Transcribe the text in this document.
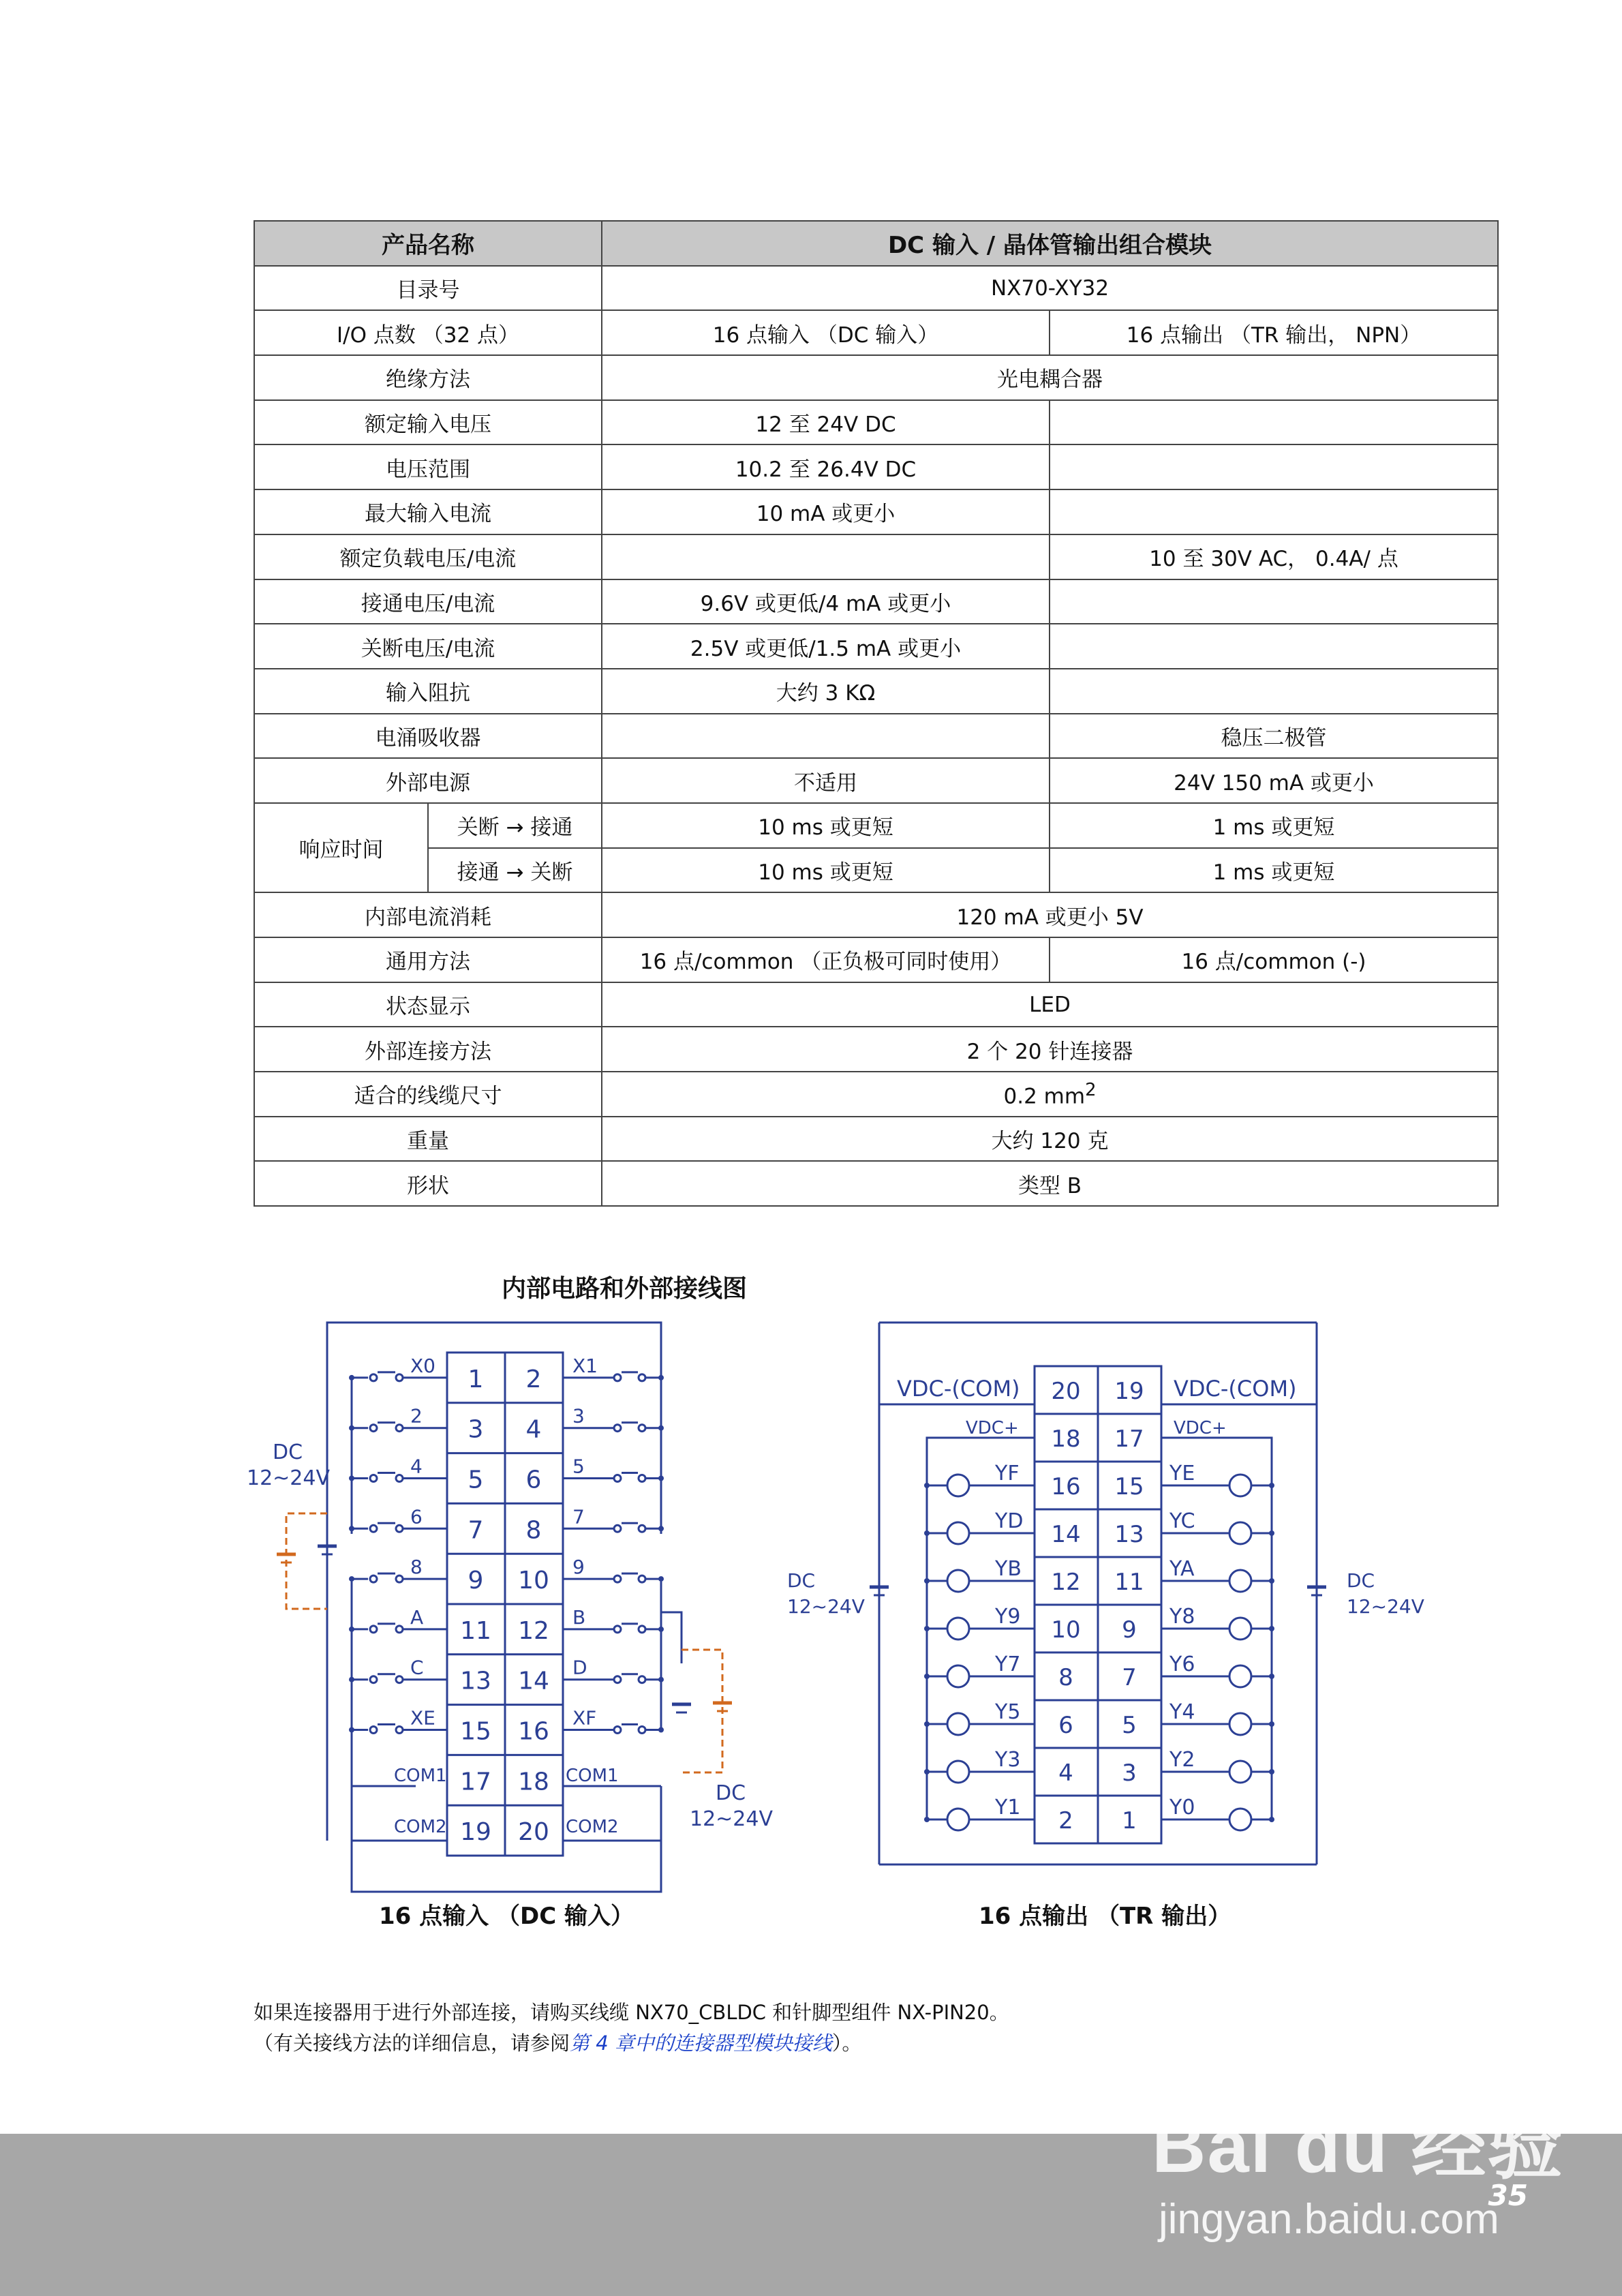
产品名称		DC 输入 / 晶体管输出组合模块	
目录号		NX70-XY32	
I/O 点数 （32 点）		16 点输入 （DC 输入）	16 点输出 （TR 输出， NPN）
绝缘方法		光电耦合器	
额定输入电压		12 至 24V DC	
电压范围		10.2 至 26.4V DC	
最大输入电流		10 mA 或更小	
额定负载电压/电流			10 至 30V AC， 0.4A/ 点
接通电压/电流		9.6V 或更低/4 mA 或更小	
关断电压/电流		2.5V 或更低/1.5 mA 或更小	
输入阻抗		大约 3 KΩ	
电涌吸收器			稳压二极管
外部电源		不适用	24V 150 mA 或更小
响应时间	关断 → 接通	10 ms 或更短	1 ms 或更短
	接通 → 关断	10 ms 或更短	1 ms 或更短
内部电流消耗		120 mA 或更小 5V	
通用方法		16 点/common （正负极可同时使用）	16 点/common (-)
状态显示		LED	
外部连接方法		2 个 20 针连接器	
适合的线缆尺寸		0.2 $mm^2$
重量		大约 120 克	
形状		类型 B	
内部电路和外部接线图
1 2
X0	X1
3 4
2	3
5 6
4	5
7 8
6	7
9 10
8	9
11 12
A	B
13 14
C	D
15 16
XE	XF
17 18
19 20
DC
12~24V
DC
12~24V
COM1
COM2
COM1
COM2
16 点输入 （DC 输入）
20 19
18 17
16 15
YF	YE
14 13
YD	YC
12 11
YB	YA
10 9
Y9	Y8
8 7
Y7	Y6
6 5
Y5	Y4
4 3
Y3	Y2
2 1
Y1	Y0
VDC-(COM)	VDC-(COM)
VDC+	VDC+
DC
12~24V
DC
12~24V
16 点输出 （TR 输出）
如果连接器用于进行外部连接，请购买线缆 NX70_CBLDC 和针脚型组件 NX-PIN20。
（有关接线方法的详细信息，请参阅第 4 章中的连接器型模块接线）。
Bai du 经验
jingyan.baidu.com
35
